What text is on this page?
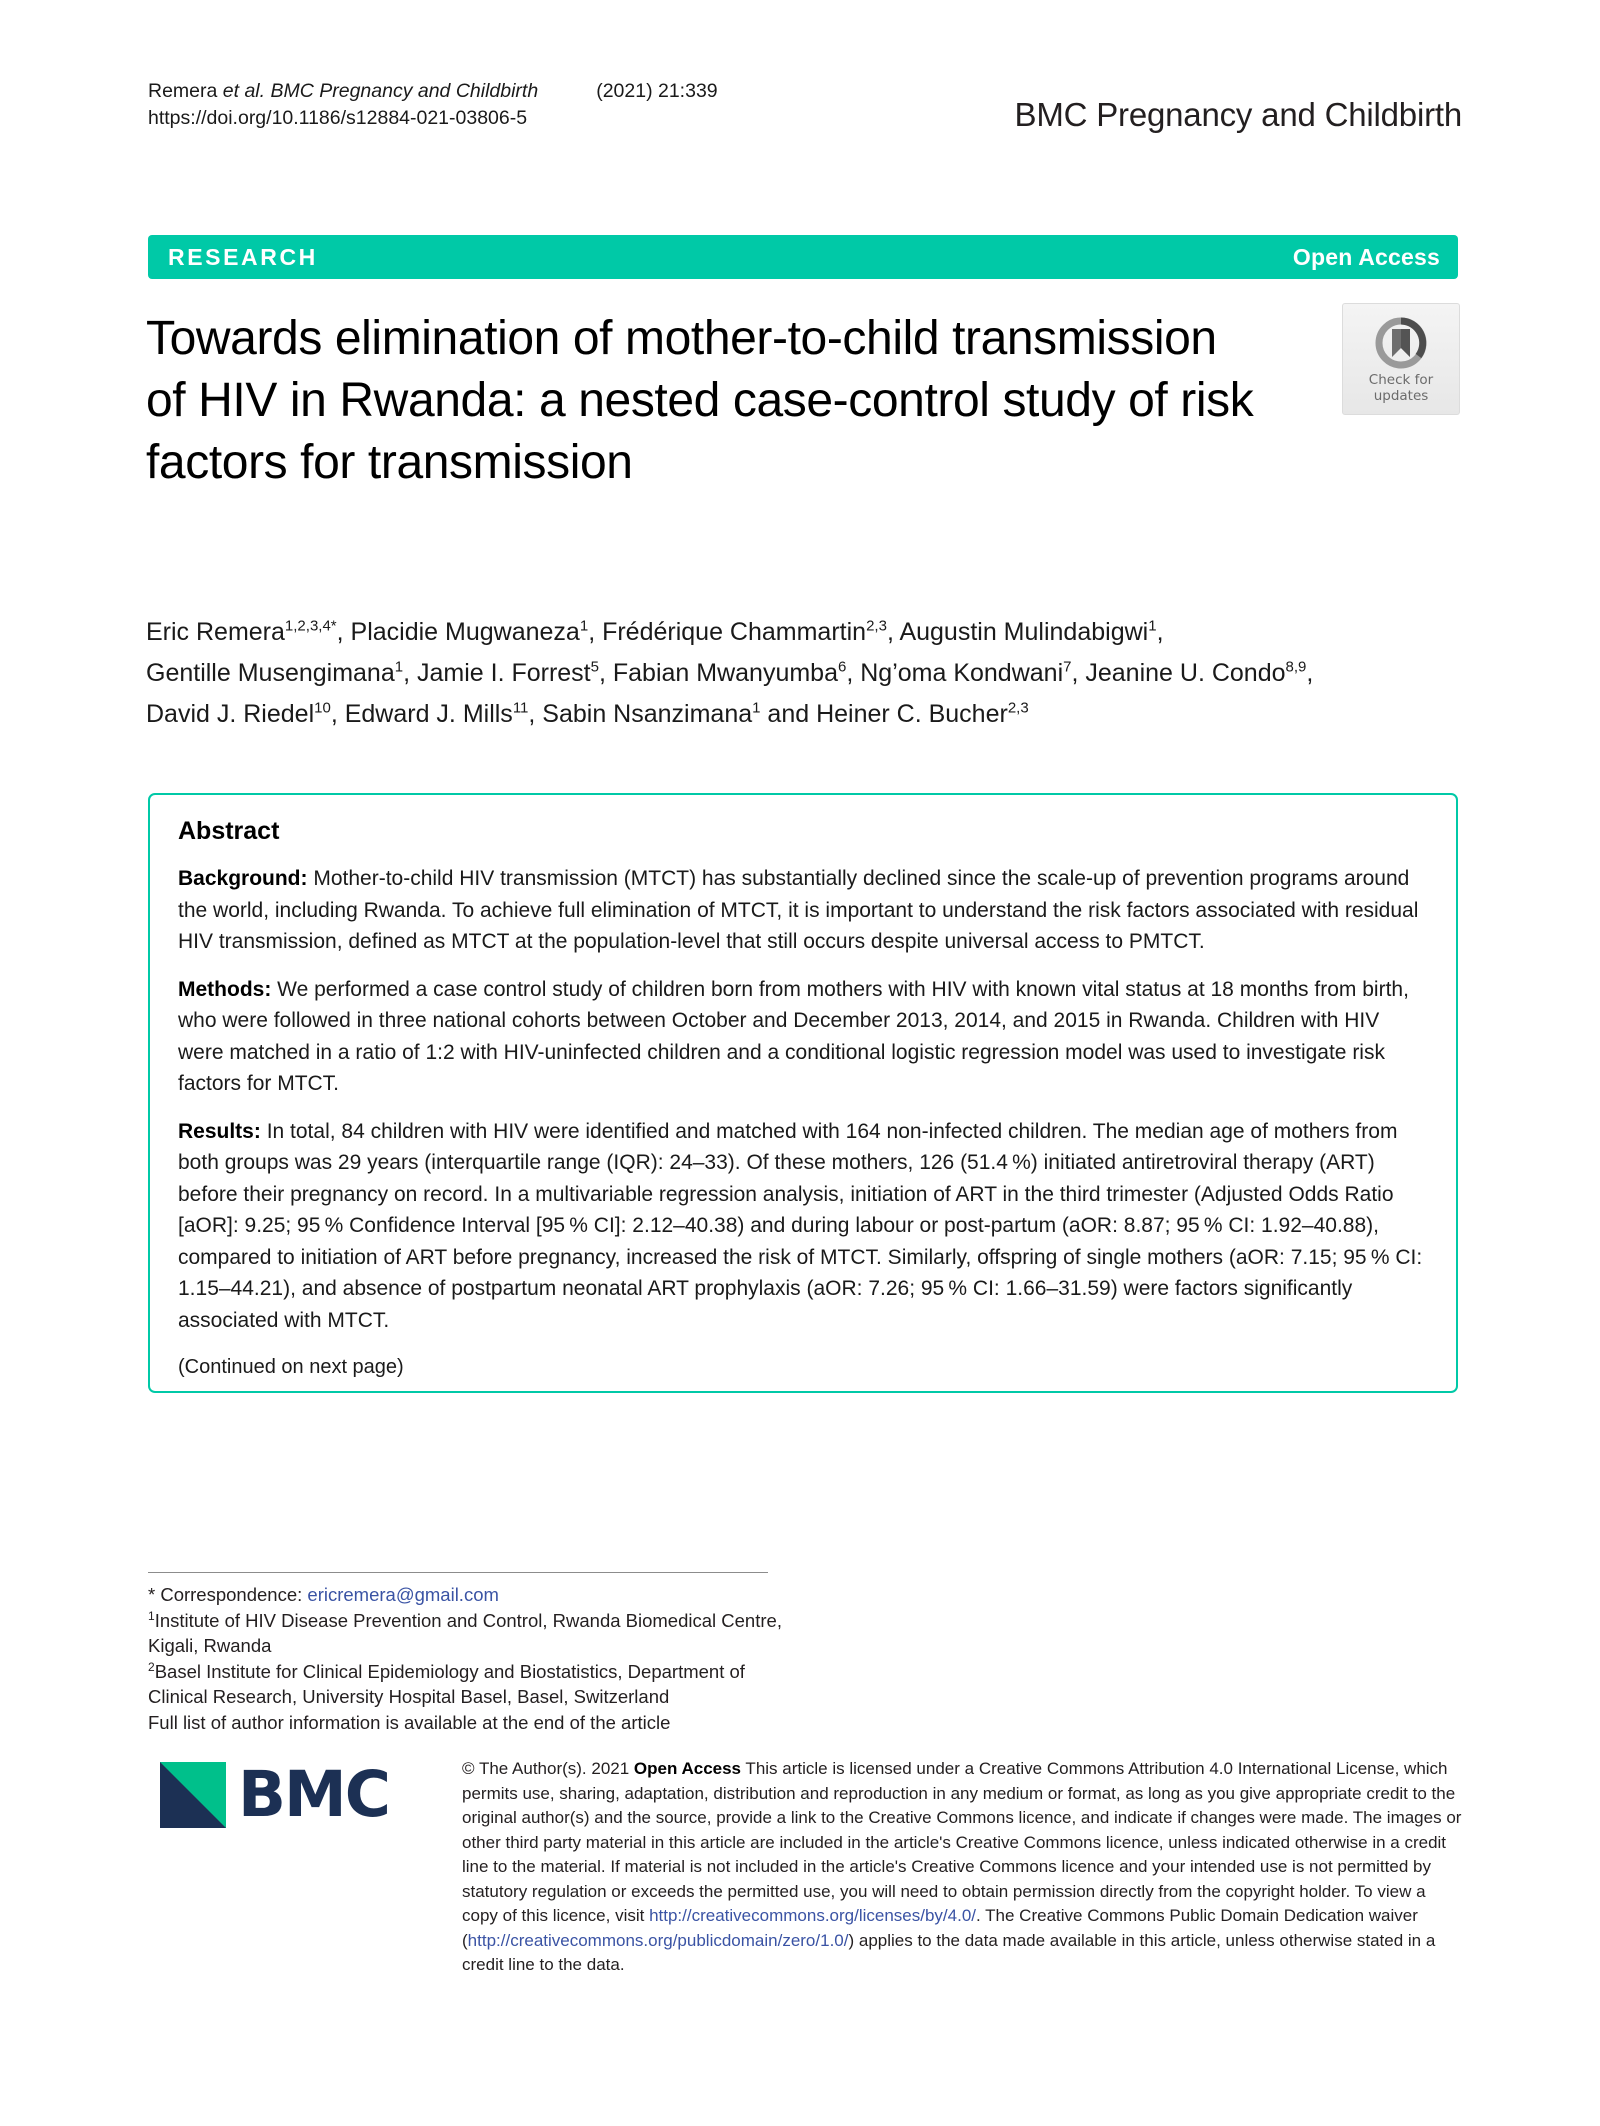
Remera et al. BMC Pregnancy and Childbirth	(2021) 21:339
https://doi.org/10.1186/s12884-021-03806-5	BMC Pregnancy and Childbirth
RESEARCH	Open Access
Towards elimination of mother-to-child transmission of HIV in Rwanda: a nested case-control study of risk factors for transmission
Check for
updates
Eric Remera$^{1,2,3,4*}$, Placidie Mugwaneza$^1$, Frédérique Chammartin$^{2,3}$, Augustin Mulindabigwi$^1$,
Gentille Musengimana$^1$, Jamie I. Forrest$^5$, Fabian Mwanyumba$^6$, Ng’oma Kondwani$^7$, Jeanine U. Condo$^{8,9}$,
David J. Riedel$^{10}$, Edward J. Mills$^{11}$, Sabin Nsanzimana$^1$ and Heiner C. Bucher$^{2,3}$
Abstract

Background: Mother-to-child HIV transmission (MTCT) has substantially declined since the scale-up of prevention programs around the world, including Rwanda. To achieve full elimination of MTCT, it is important to understand the risk factors associated with residual HIV transmission, defined as MTCT at the population-level that still occurs despite universal access to PMTCT.

Methods: We performed a case control study of children born from mothers with HIV with known vital status at 18 months from birth, who were followed in three national cohorts between October and December 2013, 2014, and 2015 in Rwanda. Children with HIV were matched in a ratio of 1:2 with HIV-uninfected children and a conditional logistic regression model was used to investigate risk factors for MTCT.

Results: In total, 84 children with HIV were identified and matched with 164 non-infected children. The median age of mothers from both groups was 29 years (interquartile range (IQR): 24–33). Of these mothers, 126 (51.4 %) initiated antiretroviral therapy (ART) before their pregnancy on record. In a multivariable regression analysis, initiation of ART in the third trimester (Adjusted Odds Ratio [aOR]: 9.25; 95 % Confidence Interval [95 % CI]: 2.12–40.38) and during labour or post-partum (aOR: 8.87; 95 % CI: 1.92–40.88), compared to initiation of ART before pregnancy, increased the risk of MTCT. Similarly, offspring of single mothers (aOR: 7.15; 95 % CI: 1.15–44.21), and absence of postpartum neonatal ART prophylaxis (aOR: 7.26; 95 % CI: 1.66–31.59) were factors significantly associated with MTCT.

(Continued on next page)
* Correspondence: ericremera@gmail.com
$^1$Institute of HIV Disease Prevention and Control, Rwanda Biomedical Centre, Kigali, Rwanda
$^2$Basel Institute for Clinical Epidemiology and Biostatistics, Department of Clinical Research, University Hospital Basel, Basel, Switzerland
Full list of author information is available at the end of the article
BMC	© The Author(s). 2021 Open Access This article is licensed under a Creative Commons Attribution 4.0 International License, which permits use, sharing, adaptation, distribution and reproduction in any medium or format, as long as you give appropriate credit to the original author(s) and the source, provide a link to the Creative Commons licence, and indicate if changes were made. The images or other third party material in this article are included in the article's Creative Commons licence, unless indicated otherwise in a credit line to the material. If material is not included in the article's Creative Commons licence and your intended use is not permitted by statutory regulation or exceeds the permitted use, you will need to obtain permission directly from the copyright holder. To view a copy of this licence, visit http://creativecommons.org/licenses/by/4.0/. The Creative Commons Public Domain Dedication waiver (http://creativecommons.org/publicdomain/zero/1.0/) applies to the data made available in this article, unless otherwise stated in a credit line to the data.
